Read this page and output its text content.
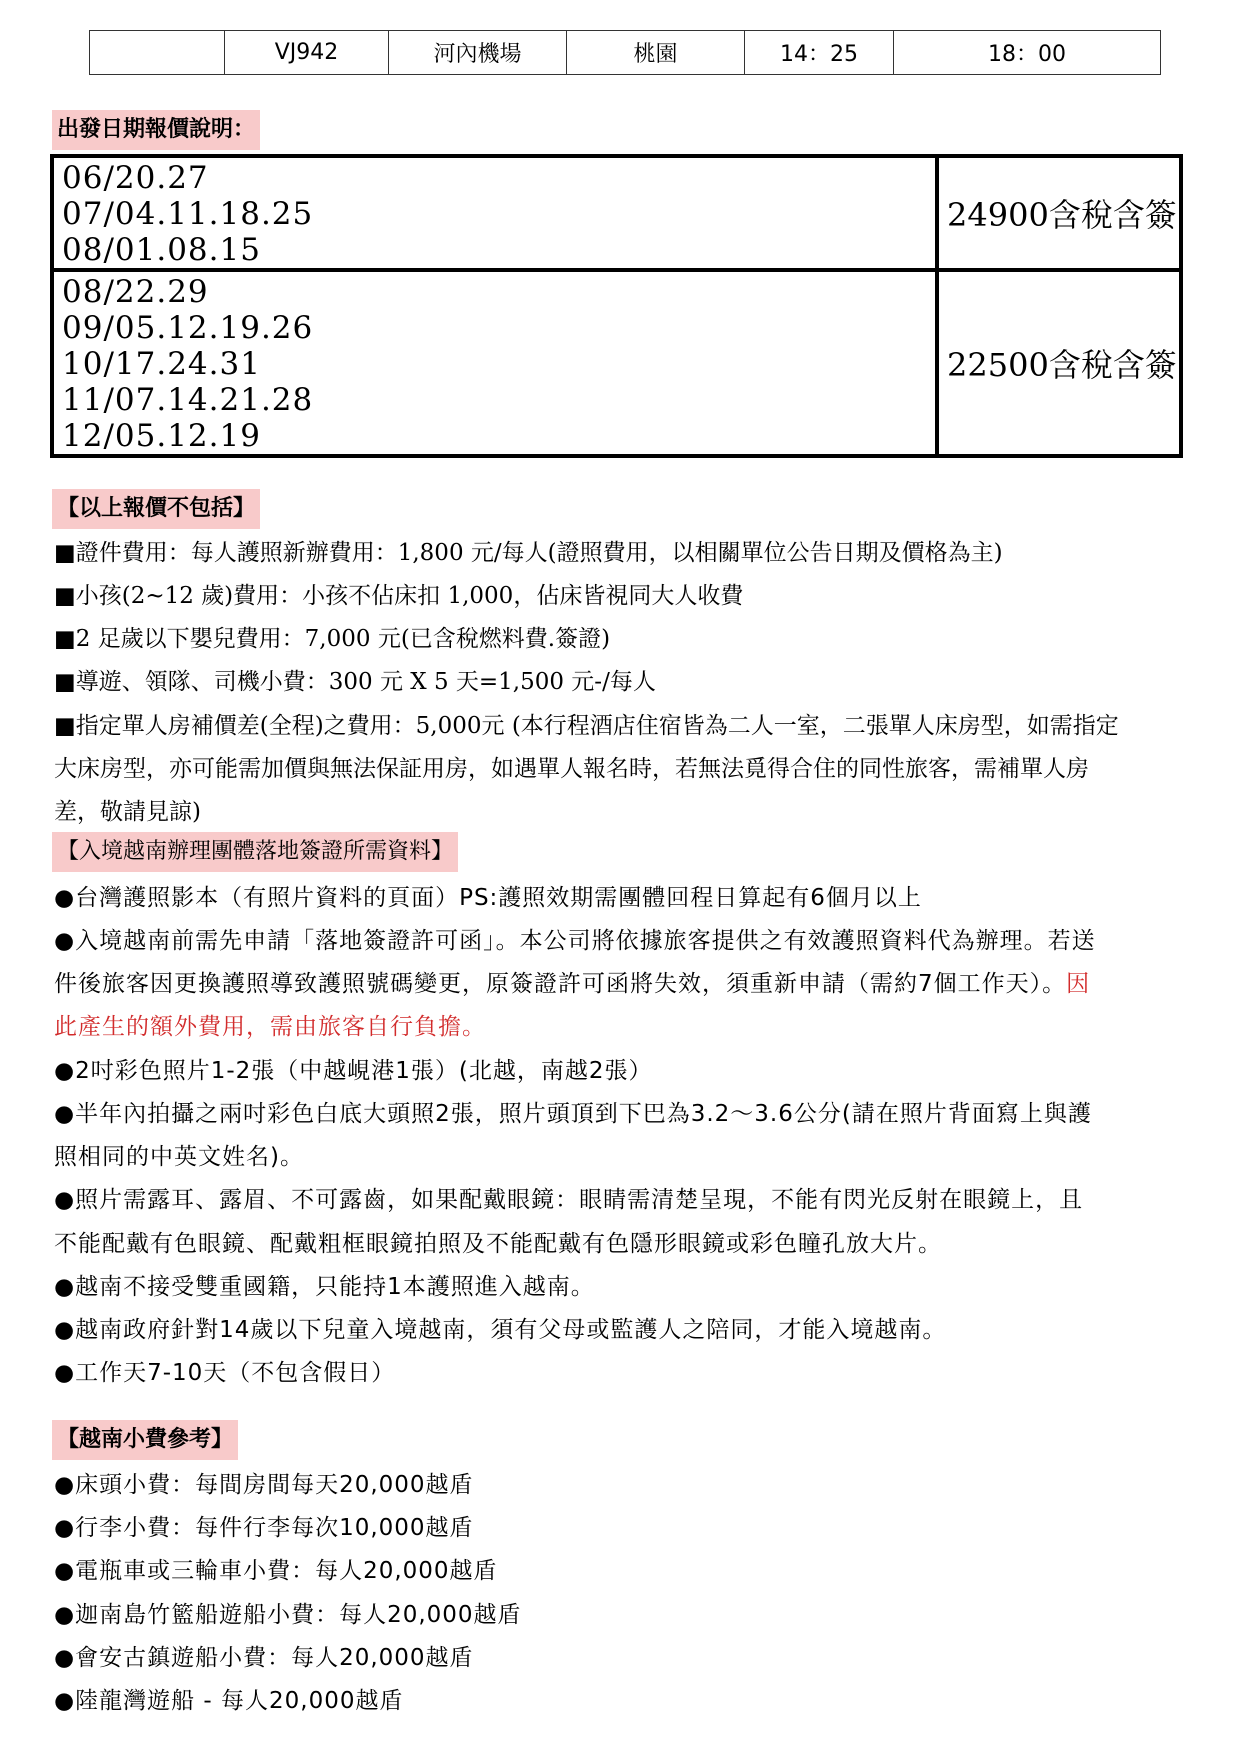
	VJ942	河內機場	桃園	14：25	18：00
出發日期報價說明：
06/20.27
07/04.11.18.25
08/01.08.15	24900含稅含簽

08/22.29
09/05.12.19.26
10/17.24.31
11/07.14.21.28
12/05.12.19	22500含稅含簽
【以上報價不包括】
■證件費用：每人護照新辦費用：1,800 元/每人(證照費用，以相關單位公告日期及價格為主)
■小孩(2~12 歲)費用：小孩不佔床扣 1,000，佔床皆視同大人收費
■2 足歲以下嬰兒費用：7,000 元(已含稅燃料費.簽證)
■導遊、領隊、司機小費：300 元 X 5 天=1,500 元-/每人
■指定單人房補價差(全程)之費用：5,000元 (本行程酒店住宿皆為二人一室，二張單人床房型，如需指定
大床房型，亦可能需加價與無法保証用房，如遇單人報名時，若無法覓得合住的同性旅客，需補單人房
差，敬請見諒)
【入境越南辦理團體落地簽證所需資料】
●台灣護照影本（有照片資料的頁面）PS:護照效期需團體回程日算起有6個月以上
●入境越南前需先申請「落地簽證許可函」。本公司將依據旅客提供之有效護照資料代為辦理。若送
件後旅客因更換護照導致護照號碼變更，原簽證許可函將失效，須重新申請（需約7個工作天）。因
此產生的額外費用，需由旅客自行負擔。
●2吋彩色照片1-2張（中越峴港1張）(北越，南越2張）
●半年內拍攝之兩吋彩色白底大頭照2張，照片頭頂到下巴為3.2～3.6公分(請在照片背面寫上與護
照相同的中英文姓名)。
●照片需露耳、露眉、不可露齒，如果配戴眼鏡：眼睛需清楚呈現，不能有閃光反射在眼鏡上，且
不能配戴有色眼鏡、配戴粗框眼鏡拍照及不能配戴有色隱形眼鏡或彩色瞳孔放大片。
●越南不接受雙重國籍，只能持1本護照進入越南。
●越南政府針對14歲以下兒童入境越南，須有父母或監護人之陪同，才能入境越南。
●工作天7-10天（不包含假日）
【越南小費參考】
●床頭小費：每間房間每天20,000越盾
●行李小費：每件行李每次10,000越盾
●電瓶車或三輪車小費：每人20,000越盾
●迦南島竹籃船遊船小費：每人20,000越盾
●會安古鎮遊船小費：每人20,000越盾
●陸龍灣遊船 - 每人20,000越盾
